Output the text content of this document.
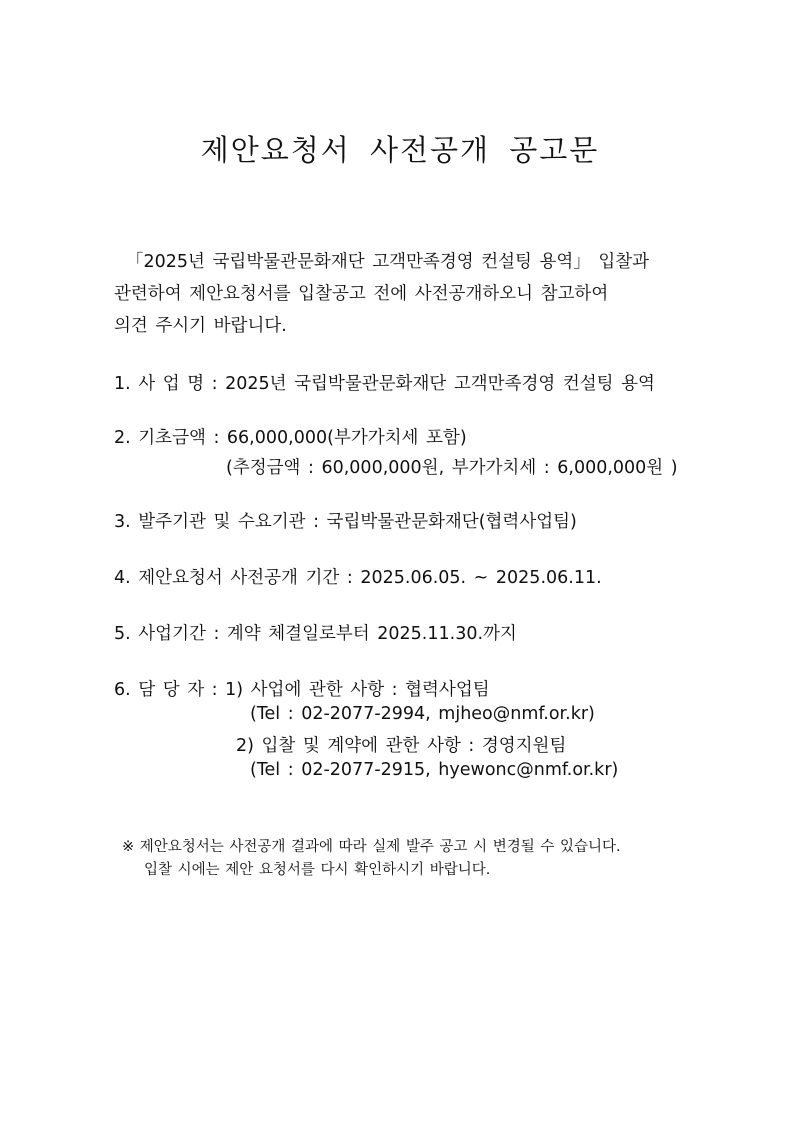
제안요청서 사전공개 공고문
「2025년 국립박물관문화재단 고객만족경영 컨설팅 용역」 입찰과
관련하여 제안요청서를 입찰공고 전에 사전공개하오니 참고하여
의견 주시기 바랍니다.
1. 사 업 명 : 2025년 국립박물관문화재단 고객만족경영 컨설팅 용역
2. 기초금액 : 66,000,000(부가가치세 포함)
(추정금액 : 60,000,000원, 부가가치세 : 6,000,000원 )
3. 발주기관 및 수요기관 : 국립박물관문화재단(협력사업팀)
4. 제안요청서 사전공개 기간 : 2025.06.05. ~ 2025.06.11.
5. 사업기간 : 계약 체결일로부터 2025.11.30.까지
6. 담 당 자 : 1) 사업에 관한 사항 : 협력사업팀
(Tel : 02-2077-2994, mjheo@nmf.or.kr)
2) 입찰 및 계약에 관한 사항 : 경영지원팀
(Tel : 02-2077-2915, hyewonc@nmf.or.kr)
※ 제안요청서는 사전공개 결과에 따라 실제 발주 공고 시 변경될 수 있습니다.
입찰 시에는 제안 요청서를 다시 확인하시기 바랍니다.
